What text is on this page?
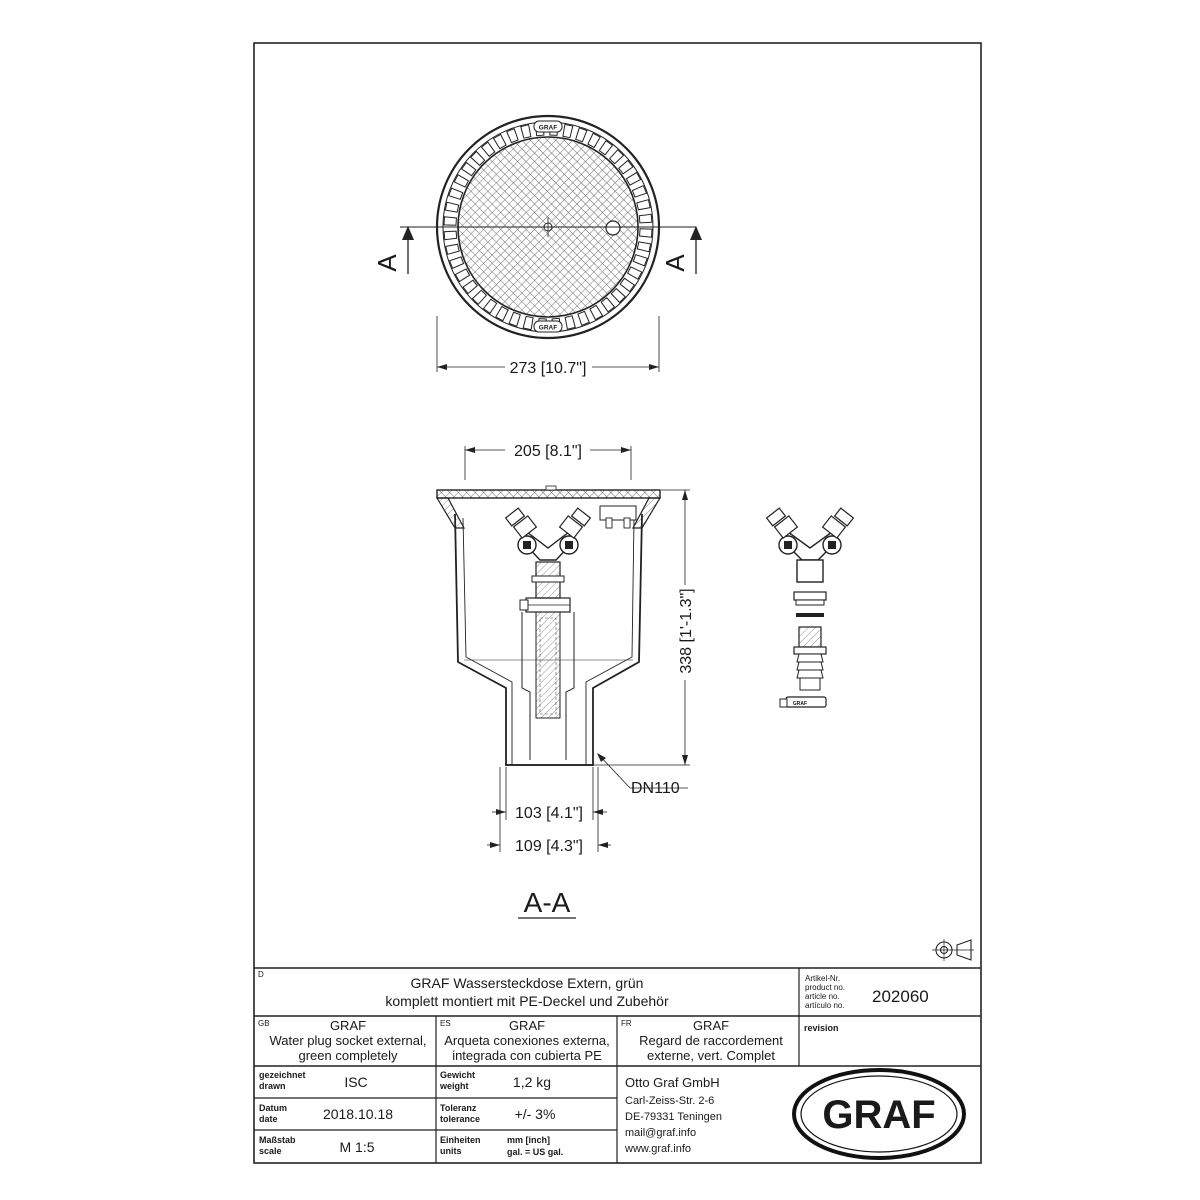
GRAF
GRAF
A	A
273 [10.7"]
205 [8.1"]
338 [1'-1.3"]
DN110
103 [4.1"]
109 [4.3"]
A-A
GRAF
D
GRAF Wassersteckdose Extern, grün
komplett montiert mit PE-Deckel und Zubehör
Artikel-Nr.
product no.
article no.
artículo no. 202060
GB	GRAF
Water plug socket external,
green completely
ES	GRAF
Arqueta conexiones externa,
integrada con cubierta PE
FR	GRAF
Regard de raccordement
externe, vert. Complet
revision
gezeichnet
drawn	ISC
Datum
date	2018.10.18
Maßstab
scale	M 1:5
Gewicht
weight	1,2 kg
Toleranz
tolerance +/- 3%
Einheiten
units
mm [inch]
gal. = US gal.
Otto Graf GmbH
Carl-Zeiss-Str. 2-6
DE-79331 Teningen
mail@graf.info
www.graf.info
GRAF
